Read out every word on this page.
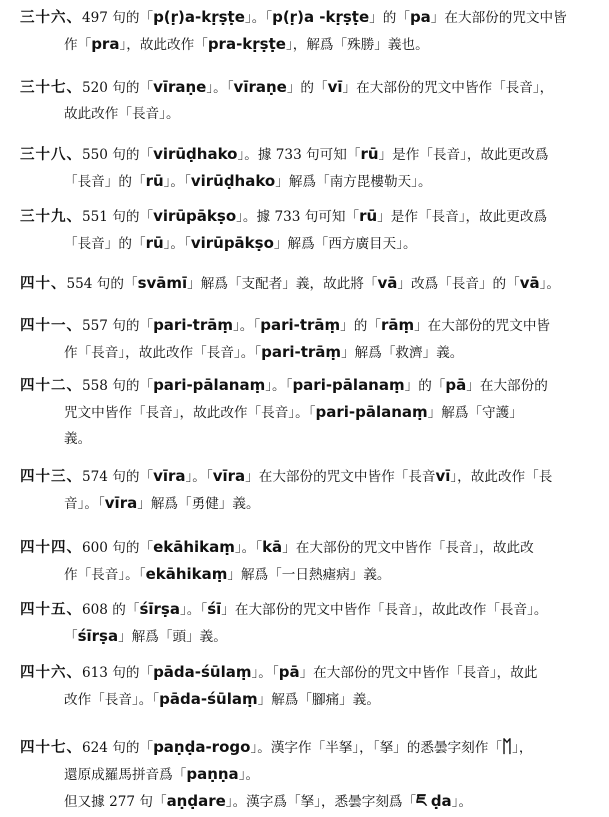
三十六、497 句的「p(ṛ)a-kṛṣṭe」。「p(ṛ)a -kṛṣṭe」的「pa」在大部份的咒文中皆
作「pra」，故此改作「pra-kṛṣṭe」，解爲「殊勝」義也。
三十七、520 句的「vīraṇe」。「vīraṇe」的「vī」在大部份的咒文中皆作「長音」，
故此改作「長音」。
三十八、550 句的「virūḍhako」。據 733 句可知「rū」是作「長音」，故此更改爲
「長音」的「rū」。「virūḍhako」解爲「南方毘樓勒天」。
三十九、551 句的「virūpākṣo」。據 733 句可知「rū」是作「長音」，故此更改爲
「長音」的「rū」。「virūpākṣo」解爲「西方廣目天」。
四十、554 句的「svāmī」解爲「支配者」義，故此將「vā」改爲「長音」的「vā」。
四十一、557 句的「pari-trāṃ」。「pari-trāṃ」的「rāṃ」在大部份的咒文中皆
作「長音」，故此改作「長音」。「pari-trāṃ」解爲「救濟」義。
四十二、558 句的「pari-pālanaṃ」。「pari-pālanaṃ」的「pā」在大部份的
咒文中皆作「長音」，故此改作「長音」。「pari-pālanaṃ」解爲「守護」
義。
四十三、574 句的「vīra」。「vīra」在大部份的咒文中皆作「長音vī」，故此改作「長
音」。「vīra」解爲「勇健」義。
四十四、600 句的「ekāhikaṃ」。「kā」在大部份的咒文中皆作「長音」，故此改
作「長音」。「ekāhikaṃ」解爲「一日熱瘧病」義。
四十五、608 的「śīrṣa」。「śī」在大部份的咒文中皆作「長音」，故此改作「長音」。
「śīrṣa」解爲「頭」義。
四十六、613 句的「pāda-śūlaṃ」。「pā」在大部份的咒文中皆作「長音」，故此
改作「長音」。「pāda-śūlaṃ」解爲「腳痛」義。
四十七、624 句的「paṇḍa-rogo」。漢字作「半拏」，「拏」的悉曇字刻作「ᛖ」，
還原成羅馬拼音爲「paṇṇa」。
但又據 277 句「aṇḍare」。漢字爲「拏」，悉曇字刻爲「ཇ ḍa」。
